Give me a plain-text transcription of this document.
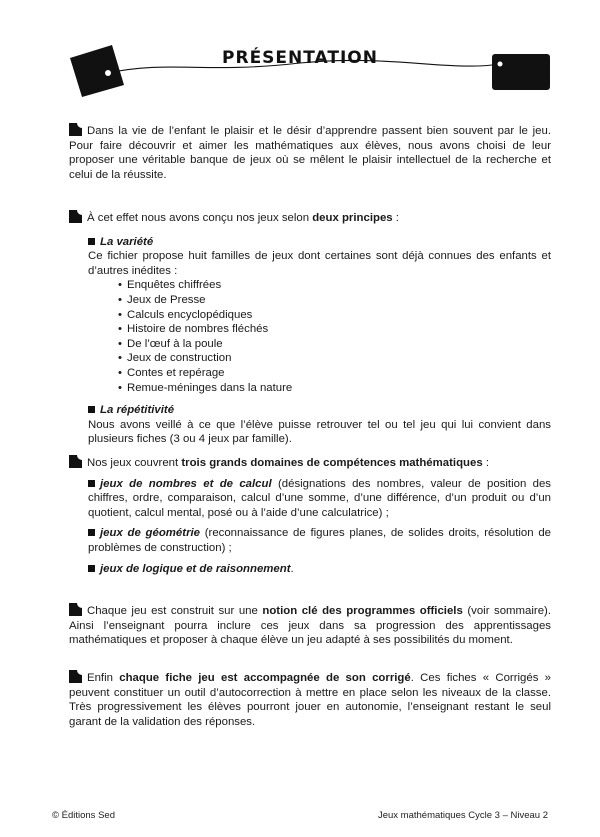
PRÉSENTATION

Dans la vie de l’enfant le plaisir et le désir d’apprendre passent bien souvent par le jeu. Pour faire découvrir et aimer les mathématiques aux élèves, nous avons choisi de leur proposer une véritable banque de jeux où se mêlent le plaisir intellectuel de la recherche et celui de la réussite.

À cet effet nous avons conçu nos jeux selon deux principes :

La variété

Ce fichier propose huit familles de jeux dont certaines sont déjà connues des enfants et d’autres inédites :

• Enquêtes chiffrées
• Jeux de Presse
• Calculs encyclopédiques
• Histoire de nombres fléchés
• De l’œuf à la poule
• Jeux de construction
• Contes et repérage
• Remue-méninges dans la nature
La répétitivité

Nous avons veillé à ce que l’élève puisse retrouver tel ou tel jeu qui lui convient dans plusieurs fiches (3 ou 4 jeux par famille).

Nos jeux couvrent trois grands domaines de compétences mathématiques :

jeux de nombres et de calcul (désignations des nombres, valeur de position des chiffres, ordre, comparaison, calcul d’une somme, d’une différence, d’un produit ou d’un quotient, calcul mental, posé ou à l’aide d’une calculatrice) ;

jeux de géométrie (reconnaissance de figures planes, de solides droits, résolution de problèmes de construction) ;

jeux de logique et de raisonnement.

Chaque jeu est construit sur une notion clé des programmes officiels (voir sommaire). Ainsi l’enseignant pourra inclure ces jeux dans sa progression des apprentissages mathématiques et proposer à chaque élève un jeu adapté à ses possibilités du moment.

Enfin chaque fiche jeu est accompagnée de son corrigé. Ces fiches « Corrigés » peuvent constituer un outil d’autocorrection à mettre en place selon les niveaux de la classe. Très progressivement les élèves pourront jouer en autonomie, l’enseignant restant le seul garant de la validation des réponses.

© Éditions Sed	Jeux mathématiques Cycle 3 – Niveau 2
